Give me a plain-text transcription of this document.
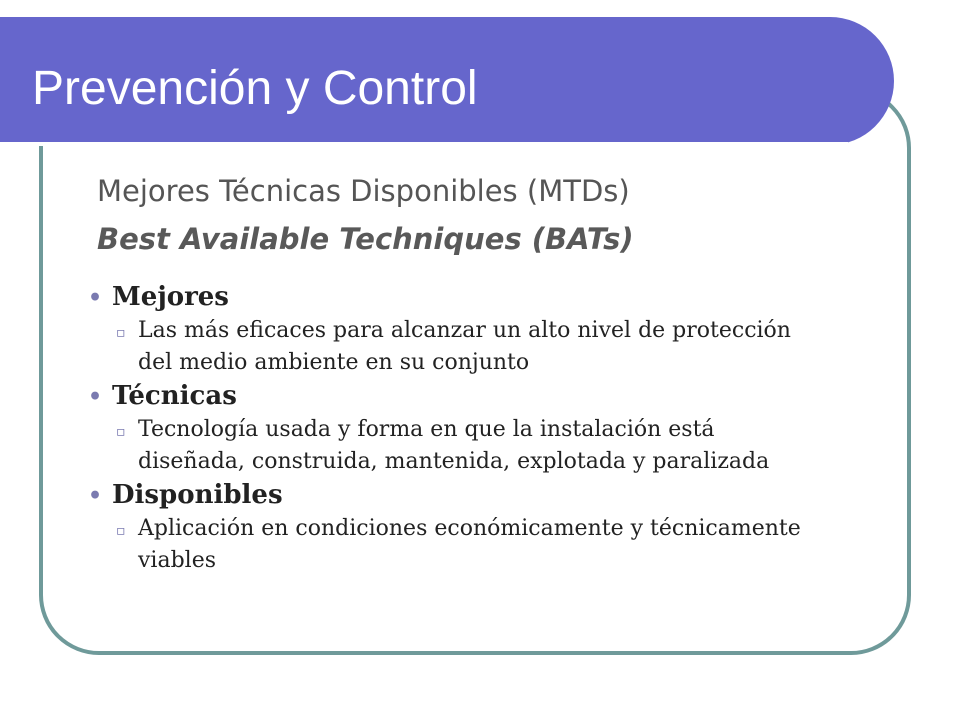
Prevención y Control
Mejores Técnicas Disponibles (MTDs)
Best Available Techniques (BATs)
• Mejores
▫ Las más eficaces para alcanzar un alto nivel de protección del medio ambiente en su conjunto
• Técnicas
▫ Tecnología usada y forma en que la instalación está diseñada, construida, mantenida, explotada y paralizada
• Disponibles
▫ Aplicación en condiciones económicamente y técnicamente viables
